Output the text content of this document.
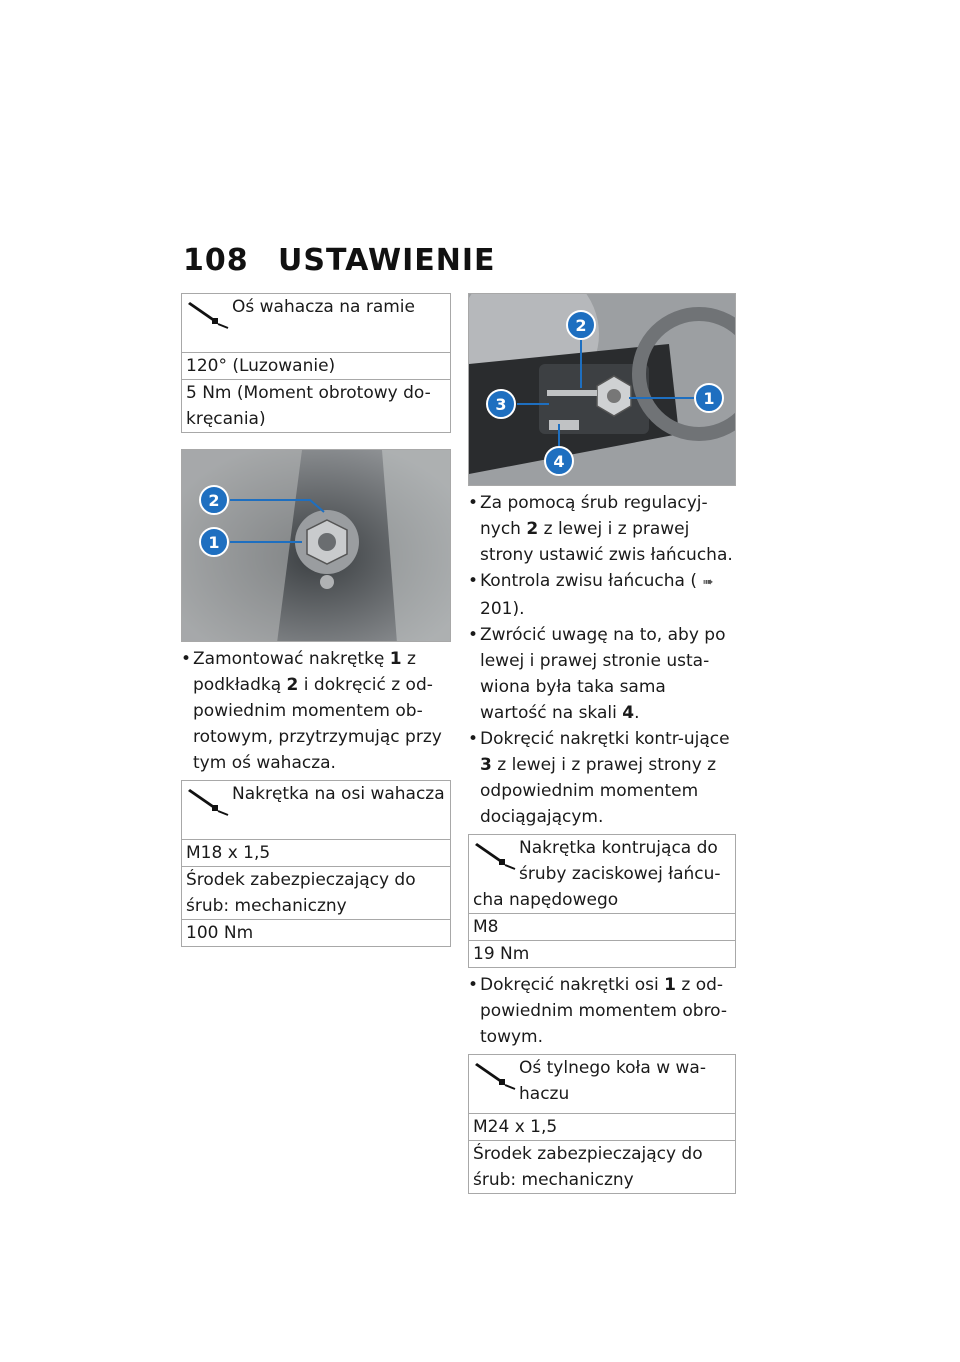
108 USTAWIENIE
Oś wahacza na ramie

120° (Luzowanie)
5 Nm (Moment obrotowy do-kręcania)
2
1
• Zamontować nakrętkę 1 z podkładką 2 i dokręcić z od-powiednim momentem ob-rotowym, przytrzymując przy tym oś wahacza.
Nakrętka na osi wahacza

M18 x 1,5
Środek zabezpieczający do śrub: mechaniczny
100 Nm
2
3	1
4
• Za pomocą śrub regulacyj-nych 2 z lewej i z prawej strony ustawić zwis łańcucha.
• Kontrola zwisu łańcucha ( ➠201).
• Zwrócić uwagę na to, aby po lewej i prawej stronie usta-wiona była taka sama wartość na skali 4.
• Dokręcić nakrętki kontr-ujące 3 z lewej i z prawej strony z odpowiednim momentem dociągającym.
Nakrętka kontrująca do śruby zaciskowej łańcu-
cha napędowego

M8
19 Nm
• Dokręcić nakrętki osi 1 z od-powiednim momentem obro-towym.
Oś tylnego koła w wa-haczu

M24 x 1,5
Środek zabezpieczający do śrub: mechaniczny
